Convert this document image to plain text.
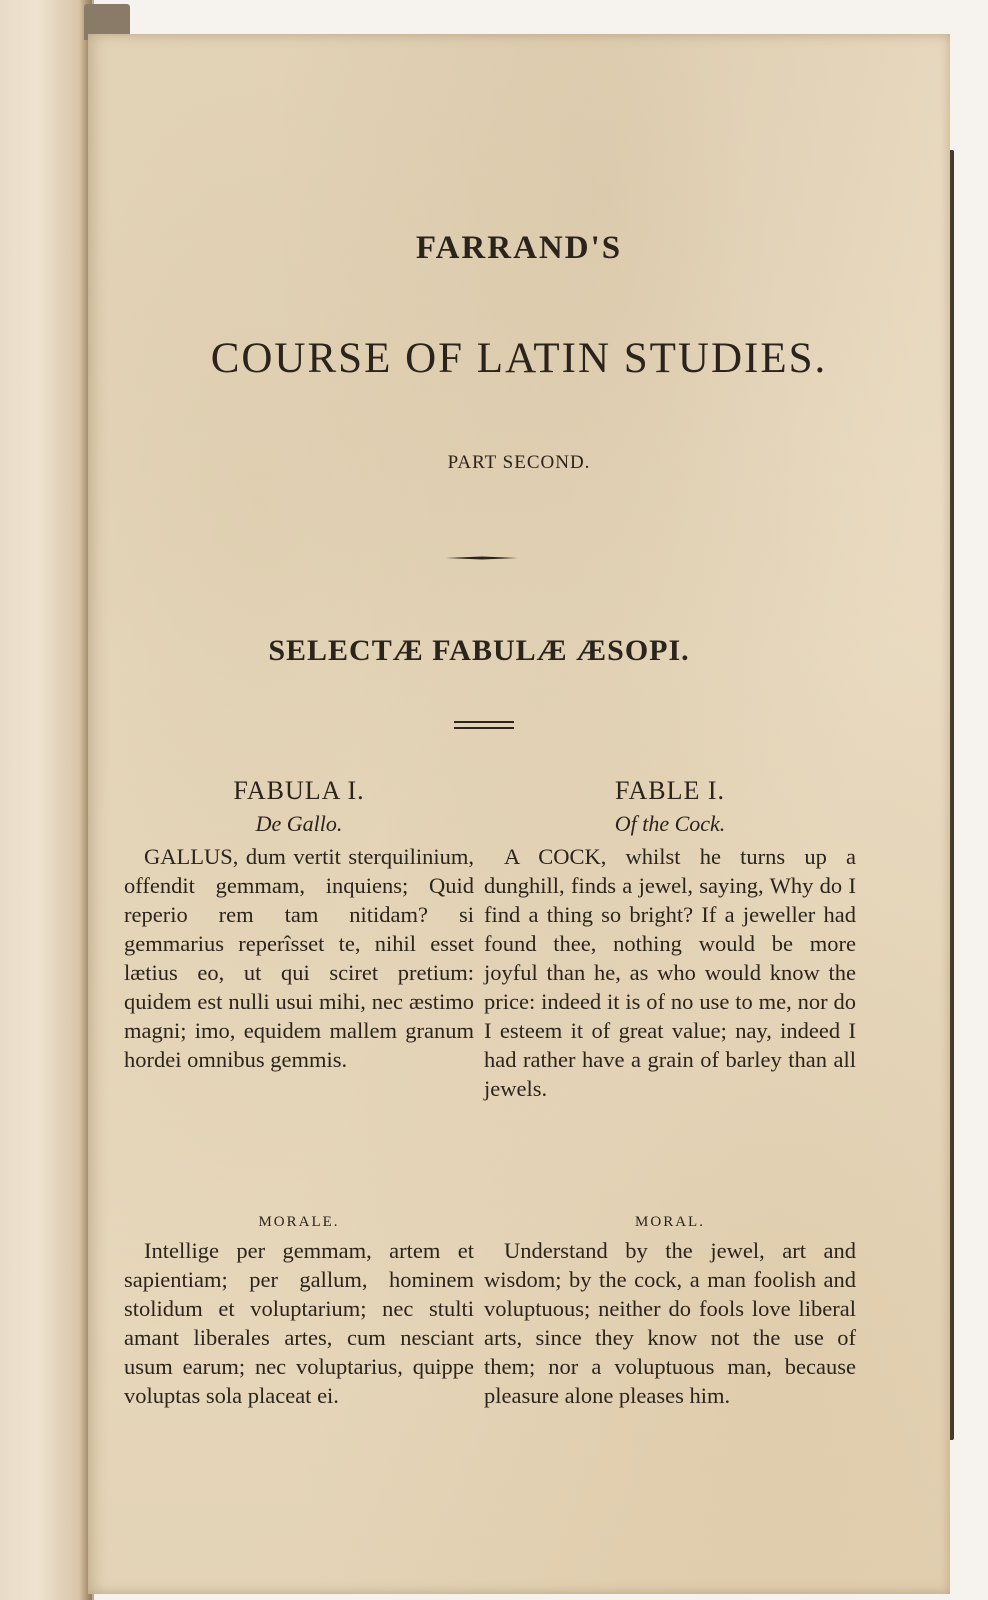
FARRAND'S
COURSE OF LATIN STUDIES.
PART SECOND.
SELECTÆ FABULÆ ÆSOPI.
FABULA I.
De Gallo.
GALLUS, dum vertit sterquilinium, offendit gemmam, inquiens; Quid reperio rem tam nitidam? si gemmarius reperîsset te, nihil esset lætius eo, ut qui sciret pretium: quidem est nulli usui mihi, nec æstimo magni; imo, equidem mallem granum hordei omnibus gemmis.
FABLE I.
Of the Cock.
A COCK, whilst he turns up a dunghill, finds a jewel, saying, Why do I find a thing so bright? If a jeweller had found thee, nothing would be more joyful than he, as who would know the price: indeed it is of no use to me, nor do I esteem it of great value; nay, indeed I had rather have a grain of barley than all jewels.
MORALE.
Intellige per gemmam, artem et sapientiam; per gallum, hominem stolidum et voluptarium; nec stulti amant liberales artes, cum nesciant usum earum; nec voluptarius, quippe voluptas sola placeat ei.
MORAL.
Understand by the jewel, art and wisdom; by the cock, a man foolish and voluptuous; neither do fools love liberal arts, since they know not the use of them; nor a voluptuous man, because pleasure alone pleases him.
